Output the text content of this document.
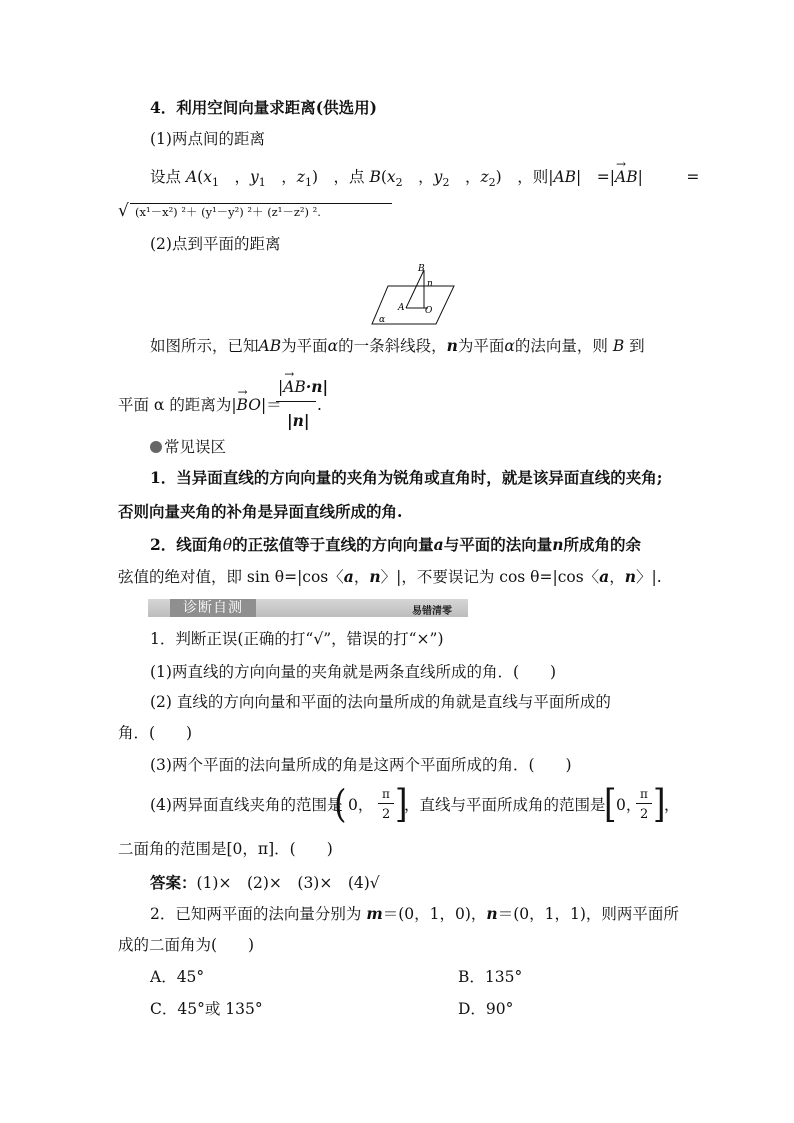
4．利用空间向量求距离(供选用)
(1)两点间的距离
设点 $A(x_1$　，$y_1$　，$z_1$)　，点 $B(x_2$　，$y_2$　，$z_2$)　，则|AB|　=|→ AB|　=
√ (x¹－x²) ²＋ (y¹－y²) ²＋ (z¹－z²) ².
(2)点到平面的距离
B
n
A O
α
如图所示，已知AB为平面α的一条斜线段，n为平面α的法向量，则 B 到
平面 α 的距离为|→ BO|＝
|→ AB·n|
|n|
.
常见误区
1．当异面直线的方向向量的夹角为锐角或直角时，就是该异面直线的夹角;
否则向量夹角的补角是异面直线所成的角.
2．线面角θ的正弦值等于直线的方向向量a与平面的法向量n所成角的余
弦值的绝对值，即 sin θ=|cos〈a，n〉|，不要误记为 cos θ=|cos〈a，n〉|.
诊断自测	易错清零
1．判断正误(正确的打“√”，错误的打“×”)
(1)两直线的方向向量的夹角就是两条直线所成的角．(　　)
(2) 直线的方向向量和平面的法向量所成的角就是直线与平面所成的
角．(　　)
(3)两个平面的法向量所成的角是这两个平面所成的角．(　　)
(4)两异面直线夹角的范围是
( 0，
π
2 ]
，直线与平面所成角的范围是
[ 0，
π
2 ]
，
二面角的范围是[0，π]．(　　)
答案：(1)×　(2)×　(3)×　(4)√
2．已知两平面的法向量分别为 m＝(0，1，0)，n＝(0，1，1)，则两平面所
成的二面角为(　　)
A．45°	B．135°
C．45°或 135°	D．90°
